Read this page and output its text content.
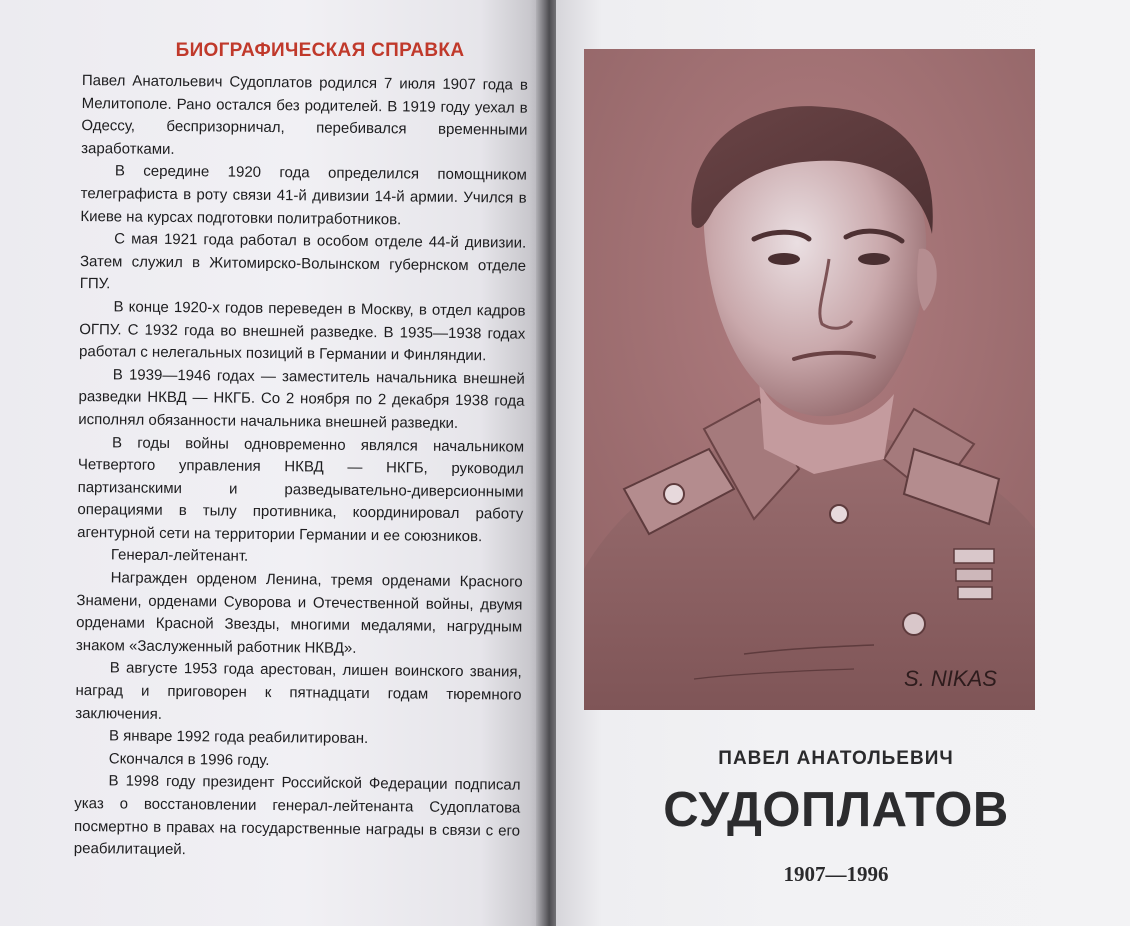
БИОГРАФИЧЕСКАЯ СПРАВКА

Павел Анатольевич Судоплатов родился 7 июля 1907 года в Мелитополе. Рано остался без родителей. В 1919 году уехал в Одессу, беспризорничал, перебивался временными заработками.

В середине 1920 года определился помощником телеграфиста в роту связи 41-й дивизии 14-й армии. Учился в Киеве на курсах подготовки политработников.

С мая 1921 года работал в особом отделе 44-й дивизии. Затем служил в Житомирско-Волынском губернском отделе ГПУ.

В конце 1920-х годов переведен в Москву, в отдел кадров ОГПУ. С 1932 года во внешней разведке. В 1935—1938 годах работал с нелегальных позиций в Германии и Финляндии.

В 1939—1946 годах — заместитель начальника внешней разведки НКВД — НКГБ. Со 2 ноября по 2 декабря 1938 года исполнял обязанности начальника внешней разведки.

В годы войны одновременно являлся начальником Четвертого управления НКВД — НКГБ, руководил партизанскими и разведывательно-диверсионными операциями в тылу противника, координировал работу агентурной сети на территории Германии и ее союзников.

Генерал-лейтенант.

Награжден орденом Ленина, тремя орденами Красного Знамени, орденами Суворова и Отечественной войны, двумя орденами Красной Звезды, многими медалями, нагрудным знаком «Заслуженный работник НКВД».

В августе 1953 года арестован, лишен воинского звания, наград и приговорен к пятнадцати годам тюремного заключения.

В январе 1992 года реабилитирован.

Скончался в 1996 году.

В 1998 году президент Российской Федерации подписал указ о восстановлении генерал-лейтенанта Судоплатова посмертно в правах на государственные награды в связи с его реабилитацией.

S. NIKAS
ПАВЕЛ АНАТОЛЬЕВИЧ
СУДОПЛАТОВ
1907—1996
